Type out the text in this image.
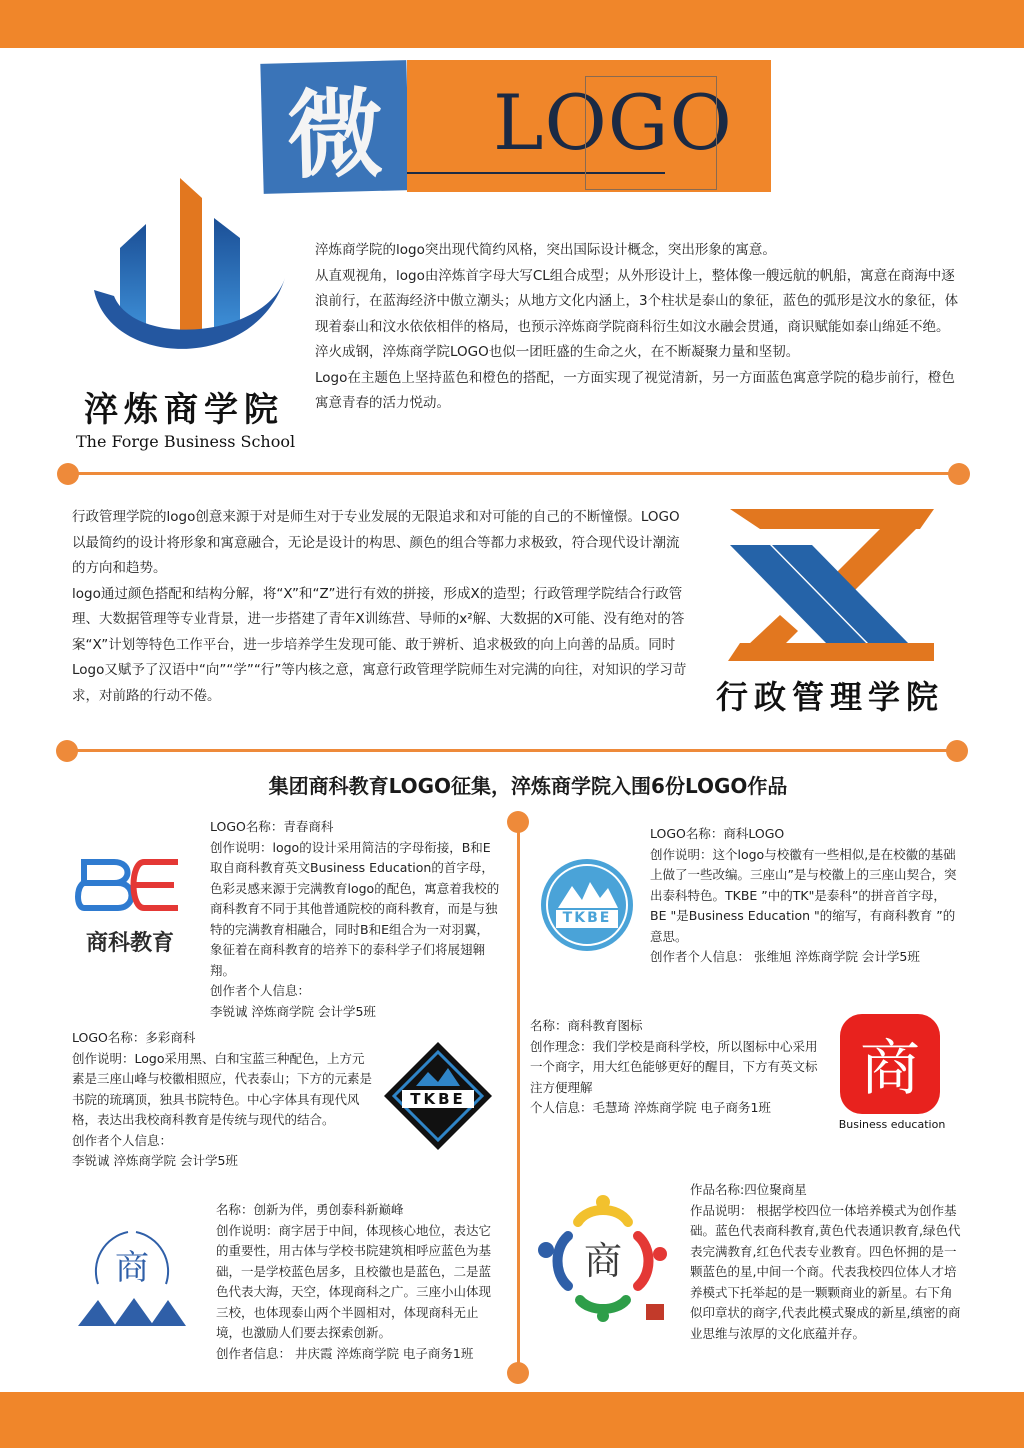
微	LOGO
淬炼商学院
The Forge Business School

淬炼商学院的logo突出现代简约风格，突出国际设计概念，突出形象的寓意。

从直观视角，logo由淬炼首字母大写CL组合成型；从外形设计上，整体像一艘远航的帆船，寓意在商海中逐浪前行，在蓝海经济中傲立潮头；从地方文化内涵上，3个柱状是泰山的象征，蓝色的弧形是汶水的象征，体现着泰山和汶水依依相伴的格局，也预示淬炼商学院商科衍生如汶水融会贯通，商识赋能如泰山绵延不绝。淬火成钢，淬炼商学院LOGO也似一团旺盛的生命之火，在不断凝聚力量和坚韧。

Logo在主题色上坚持蓝色和橙色的搭配，一方面实现了视觉清新，另一方面蓝色寓意学院的稳步前行，橙色寓意青春的活力悦动。

行政管理学院的logo创意来源于对是师生对于专业发展的无限追求和对可能的自己的不断憧憬。LOGO以最简约的设计将形象和寓意融合，无论是设计的构思、颜色的组合等都力求极致，符合现代设计潮流的方向和趋势。

logo通过颜色搭配和结构分解，将“X”和“Z”进行有效的拼接，形成X的造型；行政管理学院结合行政管理、大数据管理等专业背景，进一步搭建了青年X训练营、导师的x²解、大数据的X可能、没有绝对的答案“X”计划等特色工作平台，进一步培养学生发现可能、敢于辨析、追求极致的向上向善的品质。同时Logo又赋予了汉语中“向”“学”“行”等内核之意，寓意行政管理学院师生对完满的向往，对知识的学习苛求，对前路的行动不倦。	行政管理学院
集团商科教育LOGO征集，淬炼商学院入围6份LOGO作品
商科教育

LOGO名称：青春商科

创作说明：logo的设计采用简洁的字母衔接，B和E取自商科教育英文Business Education的首字母，色彩灵感来源于完满教育logo的配色，寓意着我校的商科教育不同于其他普通院校的商科教育，而是与独特的完满教育相融合，同时B和E组合为一对羽翼，象征着在商科教育的培养下的泰科学子们将展翅翱翔。

创作者个人信息：

李锐诚 淬炼商学院 会计学5班

TKBE

LOGO名称：商科LOGO

创作说明：这个logo与校徽有一些相似,是在校徽的基础上做了一些改编。三座山”是与校徽上的三座山契合，突出泰科特色。TKBE ”中的TK"是泰科”的拼音首字母，BE "是Business Education "的缩写，有商科教育 ”的意思。

创作者个人信息： 张维旭 淬炼商学院 会计学5班

LOGO名称：多彩商科

创作说明：Logo采用黑、白和宝蓝三种配色，上方元素是三座山峰与校徽相照应，代表泰山；下方的元素是书院的琉璃顶，独具书院特色。中心字体具有现代风格，表达出我校商科教育是传统与现代的结合。

创作者个人信息：

李锐诚 淬炼商学院 会计学5班

TKBE

名称：商科教育图标

创作理念：我们学校是商科学校，所以图标中心采用一个商字，用大红色能够更好的醒目，下方有英文标注方便理解

个人信息：毛慧琦 淬炼商学院 电子商务1班

商
Business education
商

名称：创新为伴，勇创泰科新巅峰

创作说明：商字居于中间，体现核心地位，表达它的重要性，用古体与学校书院建筑相呼应蓝色为基础，一是学校蓝色居多，且校徽也是蓝色，二是蓝色代表大海，天空，体现商科之广。三座小山体现三校，也体现泰山两个半圆相对，体现商科无止境，也激励人们要去探索创新。

创作者信息： 井庆霞 淬炼商学院 电子商务1班

商

作品名称:四位聚商星

作品说明： 根据学校四位一体培养模式为创作基础。蓝色代表商科教育,黄色代表通识教育,绿色代表完满教育,红色代表专业教育。四色怀拥的是一颗蓝色的星,中间一个商。代表我校四位体人才培养模式下托举起的是一颗颗商业的新星。右下角似印章状的商字,代表此模式聚成的新星,缜密的商业思维与浓厚的文化底蕴并存。
